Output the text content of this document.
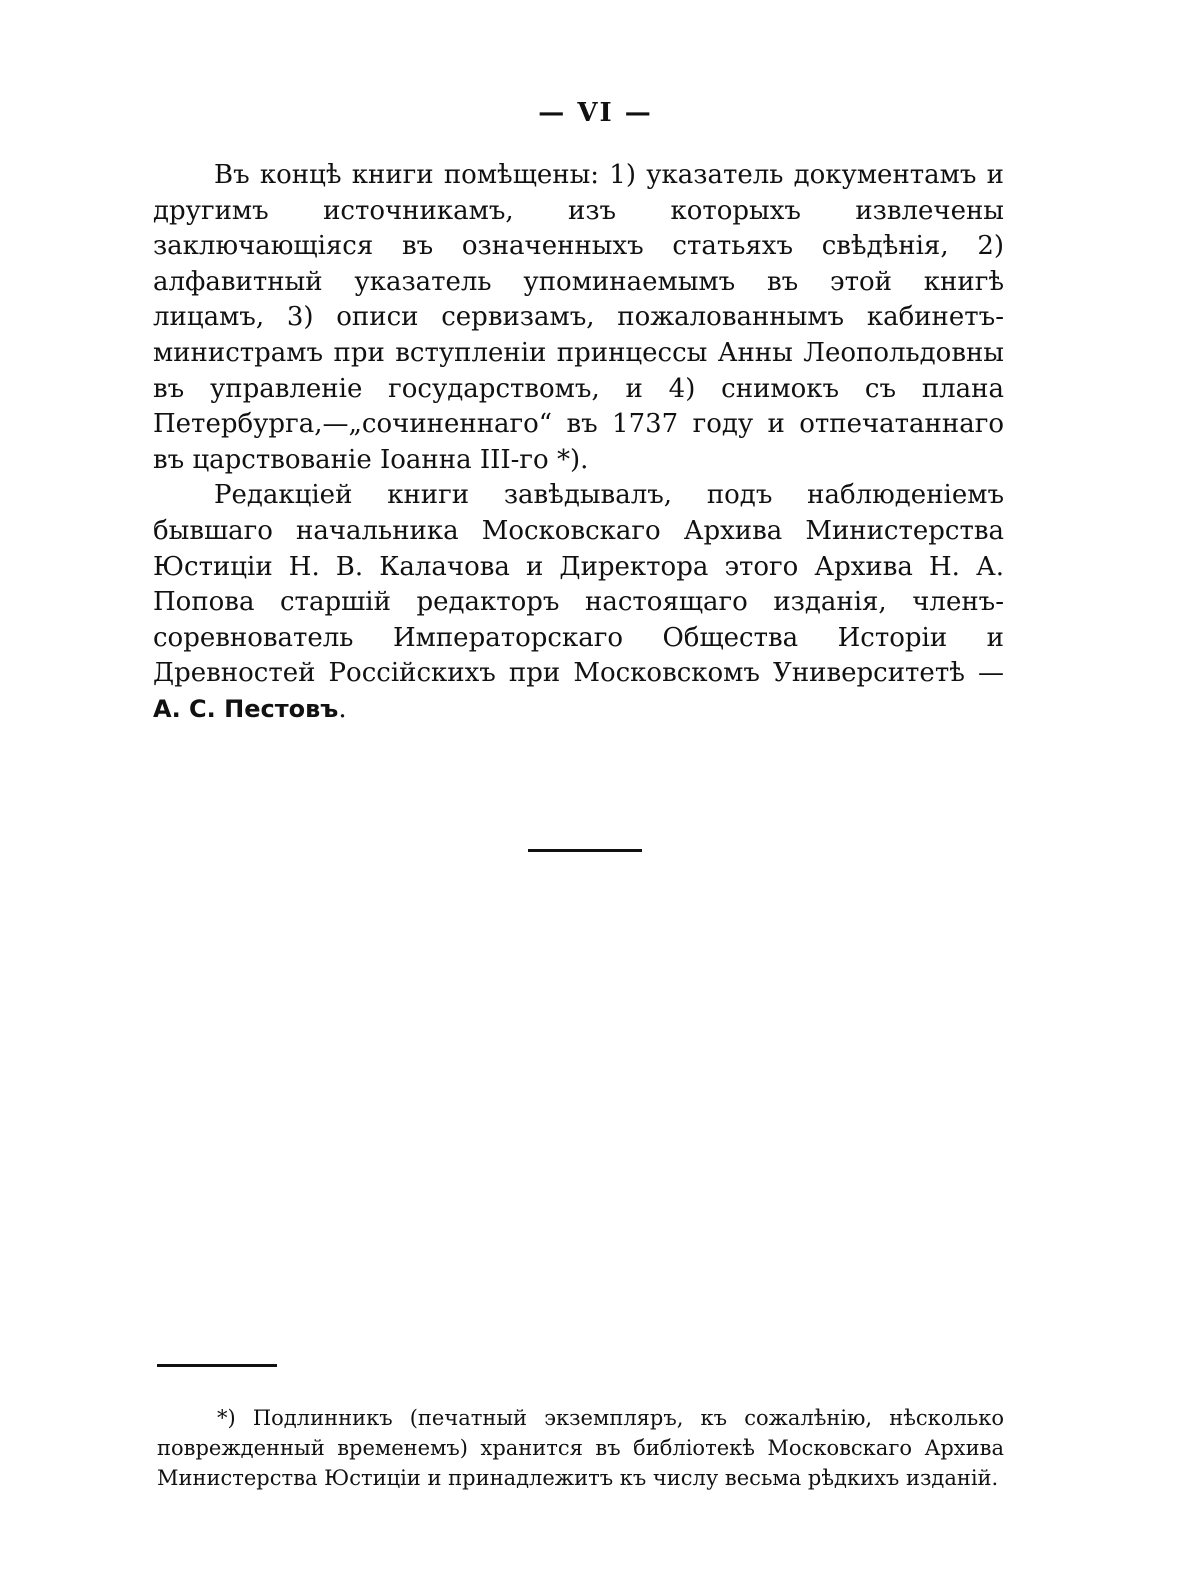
— VI —

Въ концѣ книги помѣщены: 1) указатель документамъ и другимъ источникамъ, изъ которыхъ извлечены заключающіяся въ означенныхъ статьяхъ свѣдѣнія, 2) алфавитный указатель упоминаемымъ въ этой книгѣ лицамъ, 3) описи сервизамъ, пожалованнымъ кабинетъ-министрамъ при вступленіи принцессы Анны Леопольдовны въ управленіе государствомъ, и 4) снимокъ съ плана Петербурга,—„сочиненнаго“ въ 1737 году и отпечатаннаго въ царствованіе Іоанна III-го *).

Редакціей книги завѣдывалъ, подъ наблюденіемъ бывшаго начальника Московскаго Архива Министерства Юстиціи Н. В. Калачова и Директора этого Архива Н. А. Попова старшій редакторъ настоящаго изданія, членъ-соревнователь Императорскаго Общества Исторіи и Древностей Россійскихъ при Московскомъ Университетѣ — А. С. Пестовъ.

*) Подлинникъ (печатный экземпляръ, къ сожалѣнію, нѣсколько поврежденный временемъ) хранится въ библіотекѣ Московскаго Архива Министерства Юстиціи и принадлежитъ къ числу весьма рѣдкихъ изданій.
